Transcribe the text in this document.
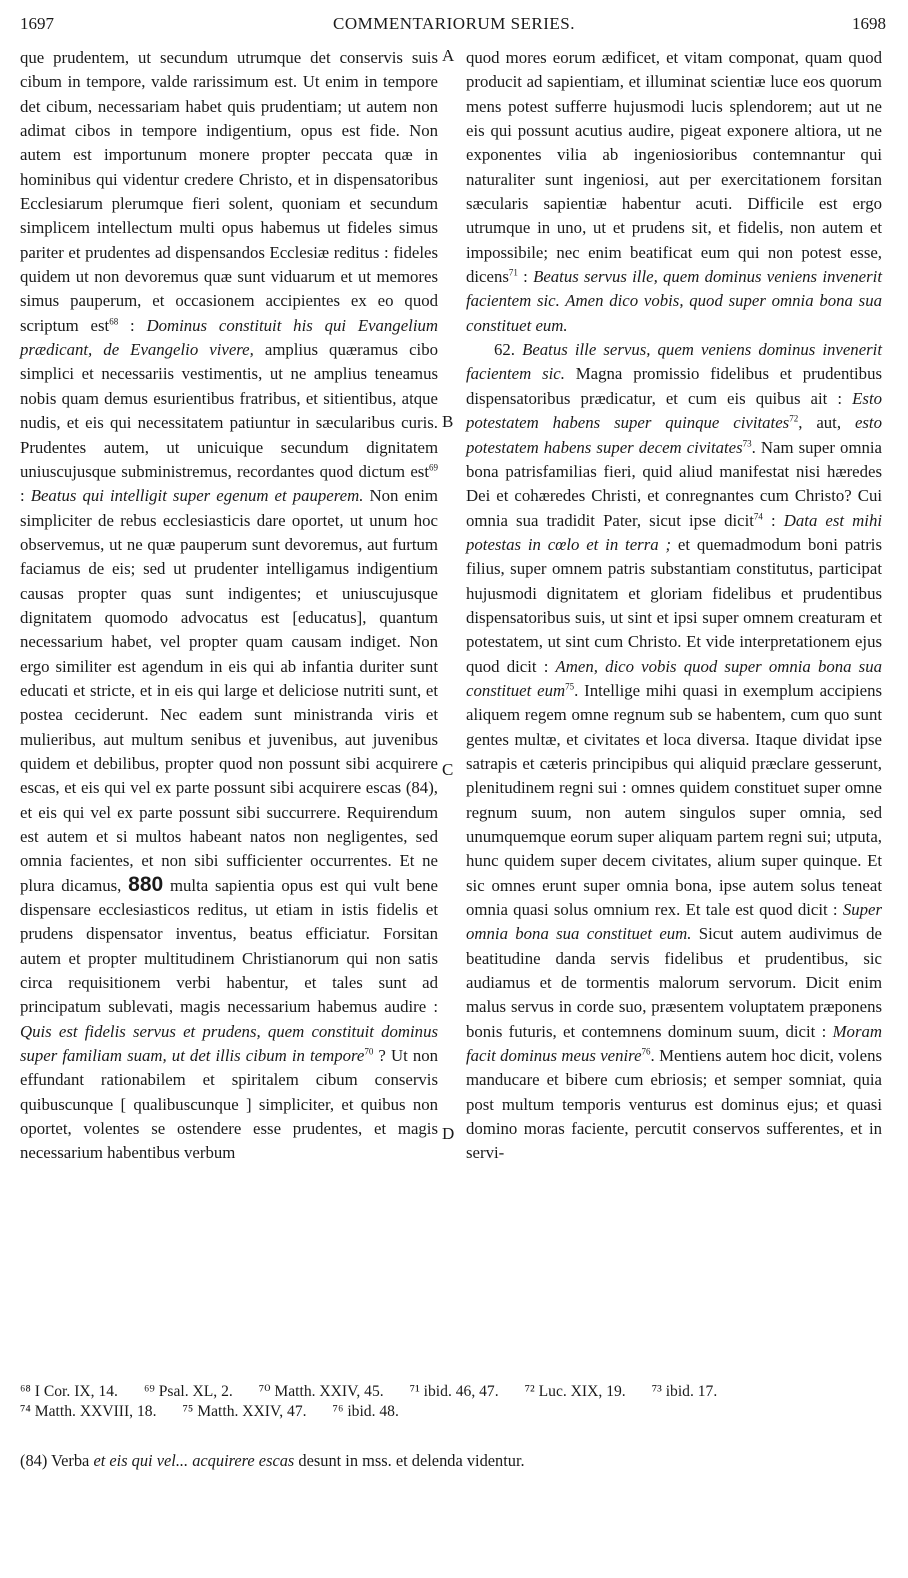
1697	COMMENTARIORUM SERIES.	1698
A
B
C
D

que prudentem, ut secundum utrumque det conservis suis cibum in tempore, valde rarissimum est. Ut enim in tempore det cibum, necessariam habet quis prudentiam; ut autem non adimat cibos in tempore indigentium, opus est fide. Non autem est importunum monere propter peccata quæ in hominibus qui videntur credere Christo, et in dispensatoribus Ecclesiarum plerumque fieri solent, quoniam et secundum simplicem intellectum multi opus habemus ut fideles simus pariter et prudentes ad dispensandos Ecclesiæ reditus : fideles quidem ut non devoremus quæ sunt viduarum et ut memores simus pauperum, et occasionem accipientes ex eo quod scriptum est$^{68}$ : Dominus constituit his qui Evangelium prædicant, de Evangelio vivere, amplius quæramus cibo simplici et necessariis vestimentis, ut ne amplius teneamus nobis quam demus esurientibus fratribus, et sitientibus, atque nudis, et eis qui necessitatem patiuntur in sæcularibus curis. Prudentes autem, ut unicuique secundum dignitatem uniuscujusque subministremus, recordantes quod dictum est$^{69}$ : Beatus qui intelligit super egenum et pauperem. Non enim simpliciter de rebus ecclesiasticis dare oportet, ut unum hoc observemus, ut ne quæ pauperum sunt devoremus, aut furtum faciamus de eis; sed ut prudenter intelligamus indigentium causas propter quas sunt indigentes; et uniuscujusque dignitatem quomodo advocatus est [educatus], quantum necessarium habet, vel propter quam causam indiget. Non ergo similiter est agendum in eis qui ab infantia duriter sunt educati et stricte, et in eis qui large et deliciose nutriti sunt, et postea ceciderunt. Nec eadem sunt ministranda viris et mulieribus, aut multum senibus et juvenibus, aut juvenibus quidem et debilibus, propter quod non possunt sibi acquirere escas, et eis qui vel ex parte possunt sibi acquirere escas (84), et eis qui vel ex parte possunt sibi succurrere. Requirendum est autem et si multos habeant natos non negligentes, sed omnia facientes, et non sibi sufficienter occurrentes. Et ne plura dicamus, 880 multa sapientia opus est qui vult bene dispensare ecclesiasticos reditus, ut etiam in istis fidelis et prudens dispensator inventus, beatus efficiatur. Forsitan autem et propter multitudinem Christianorum qui non satis circa requisitionem verbi habentur, et tales sunt ad principatum sublevati, magis necessarium habemus audire : Quis est fidelis servus et prudens, quem constituit dominus super familiam suam, ut det illis cibum in tempore$^{70}$ ? Ut non effundant rationabilem et spiritalem cibum conservis quibuscunque [ qualibuscunque ] simpliciter, et quibus non oportet, volentes se ostendere esse prudentes, et magis necessarium habentibus verbum

quod mores eorum ædificet, et vitam componat, quam quod producit ad sapientiam, et illuminat scientiæ luce eos quorum mens potest sufferre hujusmodi lucis splendorem; aut ut ne eis qui possunt acutius audire, pigeat exponere altiora, ut ne exponentes vilia ab ingeniosioribus contemnantur qui naturaliter sunt ingeniosi, aut per exercitationem forsitan sæcularis sapientiæ habentur acuti. Difficile est ergo utrumque in uno, ut et prudens sit, et fidelis, non autem et impossibile; nec enim beatificat eum qui non potest esse, dicens$^{71}$ : Beatus servus ille, quem dominus veniens invenerit facientem sic. Amen dico vobis, quod super omnia bona sua constituet eum.

62. Beatus ille servus, quem veniens dominus invenerit facientem sic. Magna promissio fidelibus et prudentibus dispensatoribus prædicatur, et cum eis quibus ait : Esto potestatem habens super quinque civitates$^{72}$, aut, esto potestatem habens super decem civitates$^{73}$. Nam super omnia bona patrisfamilias fieri, quid aliud manifestat nisi hæredes Dei et cohæredes Christi, et conregnantes cum Christo? Cui omnia sua tradidit Pater, sicut ipse dicit$^{74}$ : Data est mihi potestas in cœlo et in terra ; et quemadmodum boni patris filius, super omnem patris substantiam constitutus, participat hujusmodi dignitatem et gloriam fidelibus et prudentibus dispensatoribus suis, ut sint et ipsi super omnem creaturam et potestatem, ut sint cum Christo. Et vide interpretationem ejus quod dicit : Amen, dico vobis quod super omnia bona sua constituet eum$^{75}$. Intellige mihi quasi in exemplum accipiens aliquem regem omne regnum sub se habentem, cum quo sunt gentes multæ, et civitates et loca diversa. Itaque dividat ipse satrapis et cæteris principibus qui aliquid præclare gesserunt, plenitudinem regni sui : omnes quidem constituet super omne regnum suum, non autem singulos super omnia, sed unumquemque eorum super aliquam partem regni sui; utputa, hunc quidem super decem civitates, alium super quinque. Et sic omnes erunt super omnia bona, ipse autem solus teneat omnia quasi solus omnium rex. Et tale est quod dicit : Super omnia bona sua constituet eum. Sicut autem audivimus de beatitudine danda servis fidelibus et prudentibus, sic audiamus et de tormentis malorum servorum. Dicit enim malus servus in corde suo, præsentem voluptatem præponens bonis futuris, et contemnens dominum suum, dicit : Moram facit dominus meus venire$^{76}$. Mentiens autem hoc dicit, volens manducare et bibere cum ebriosis; et semper somniat, quia post multum temporis venturus est dominus ejus; et quasi domino moras faciente, percutit conservos sufferentes, et in servi-

⁶⁸ I Cor. IX, 14. ⁶⁹ Psal. XL, 2. ⁷⁰ Matth. XXIV, 45. ⁷¹ ibid. 46, 47. ⁷² Luc. XIX, 19. ⁷³ ibid. 17.
⁷⁴ Matth. XXVIII, 18. ⁷⁵ Matth. XXIV, 47. ⁷⁶ ibid. 48.
(84) Verba et eis qui vel... acquirere escas desunt in mss. et delenda videntur.
